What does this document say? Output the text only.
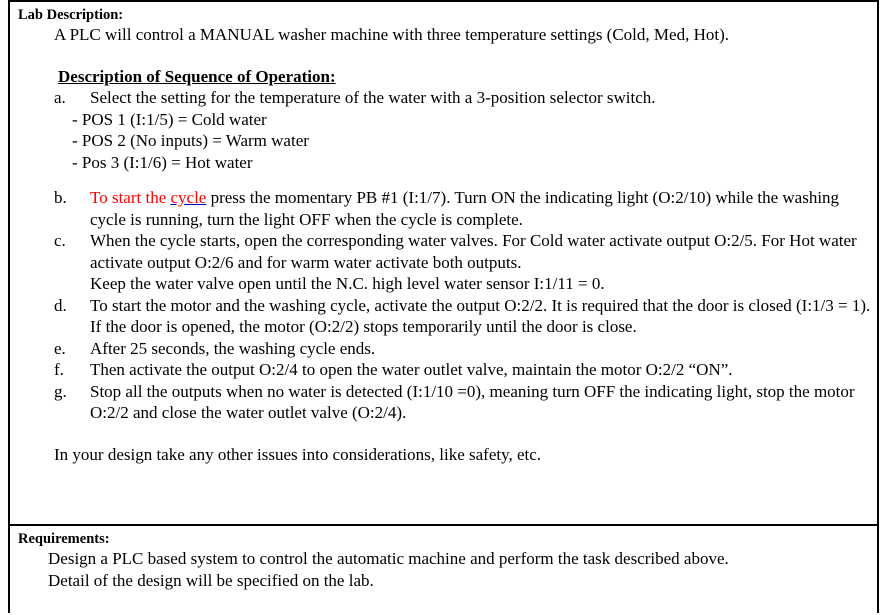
Lab Description:
A PLC will control a MANUAL washer machine with three temperature settings (Cold, Med, Hot).
Description of Sequence of Operation:
a.	Select the setting for the temperature of the water with a 3-position selector switch.
- POS 1 (I:1/5) = Cold water
- POS 2 (No inputs) = Warm water
- Pos 3 (I:1/6) = Hot water
b.	To start the cycle press the momentary PB #1 (I:1/7). Turn ON the indicating light (O:2/10) while the washing cycle is running, turn the light OFF when the cycle is complete.
c.	When the cycle starts, open the corresponding water valves. For Cold water activate output O:2/5. For Hot water activate output O:2/6 and for warm water activate both outputs.
Keep the water valve open until the N.C. high level water sensor I:1/11 = 0.
d.	To start the motor and the washing cycle, activate the output O:2/2. It is required that the door is closed (I:1/3 = 1). If the door is opened, the motor (O:2/2) stops temporarily until the door is close.
e.	After 25 seconds, the washing cycle ends.
f.	Then activate the output O:2/4 to open the water outlet valve, maintain the motor O:2/2 “ON”.
g.	Stop all the outputs when no water is detected (I:1/10 =0), meaning turn OFF the indicating light, stop the motor O:2/2 and close the water outlet valve (O:2/4).
In your design take any other issues into considerations, like safety, etc.
Requirements:
Design a PLC based system to control the automatic machine and perform the task described above.
Detail of the design will be specified on the lab.
